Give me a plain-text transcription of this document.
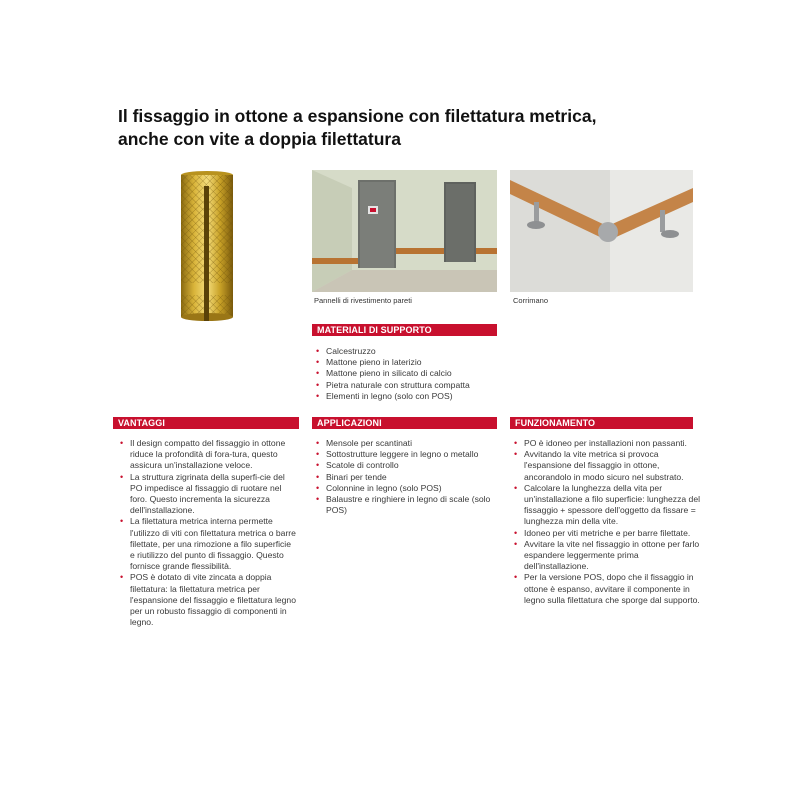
Il fissaggio in ottone a espansione con filettatura metrica,
anche con vite a doppia filettatura
Pannelli di rivestimento pareti	Corrimano
MATERIALI DI SUPPORTO
• Calcestruzzo
• Mattone pieno in laterizio
• Mattone pieno in silicato di calcio
• Pietra naturale con struttura compatta
• Elementi in legno (solo con POS)
VANTAGGI
• Il design compatto del fissaggio in ottone riduce la profondità di fora-tura, questo assicura un'installazione veloce.
• La struttura zigrinata della superfi-cie del PO impedisce al fissaggio di ruotare nel foro. Questo incrementa la sicurezza dell'installazione.
• La filettatura metrica interna permette l'utilizzo di viti con filettatura metrica o barre filettate, per una rimozione a filo superficie e riutilizzo del punto di fissaggio. Questo fornisce grande flessibilità.
• POS è dotato di vite zincata a doppia filettatura: la filettatura metrica per l'espansione del fissaggio e filettatura legno per un robusto fissaggio di componenti in legno.
APPLICAZIONI
• Mensole per scantinati
• Sottostrutture leggere in legno o metallo
• Scatole di controllo
• Binari per tende
• Colonnine in legno (solo POS)
• Balaustre e ringhiere in legno di scale (solo POS)
FUNZIONAMENTO
• PO è idoneo per installazioni non passanti.
• Avvitando la vite metrica si provoca l'espansione del fissaggio in ottone, ancorandolo in modo sicuro nel substrato.
• Calcolare la lunghezza della vita per un'installazione a filo superficie: lunghezza del fissaggio + spessore dell'oggetto da fissare = lunghezza min della vite.
• Idoneo per viti metriche e per barre filettate.
• Avvitare la vite nel fissaggio in ottone per farlo espandere leggermente prima dell'installazione.
• Per la versione POS, dopo che il fissaggio in ottone è espanso, avvitare il componente in legno sulla filettatura che sporge dal supporto.
